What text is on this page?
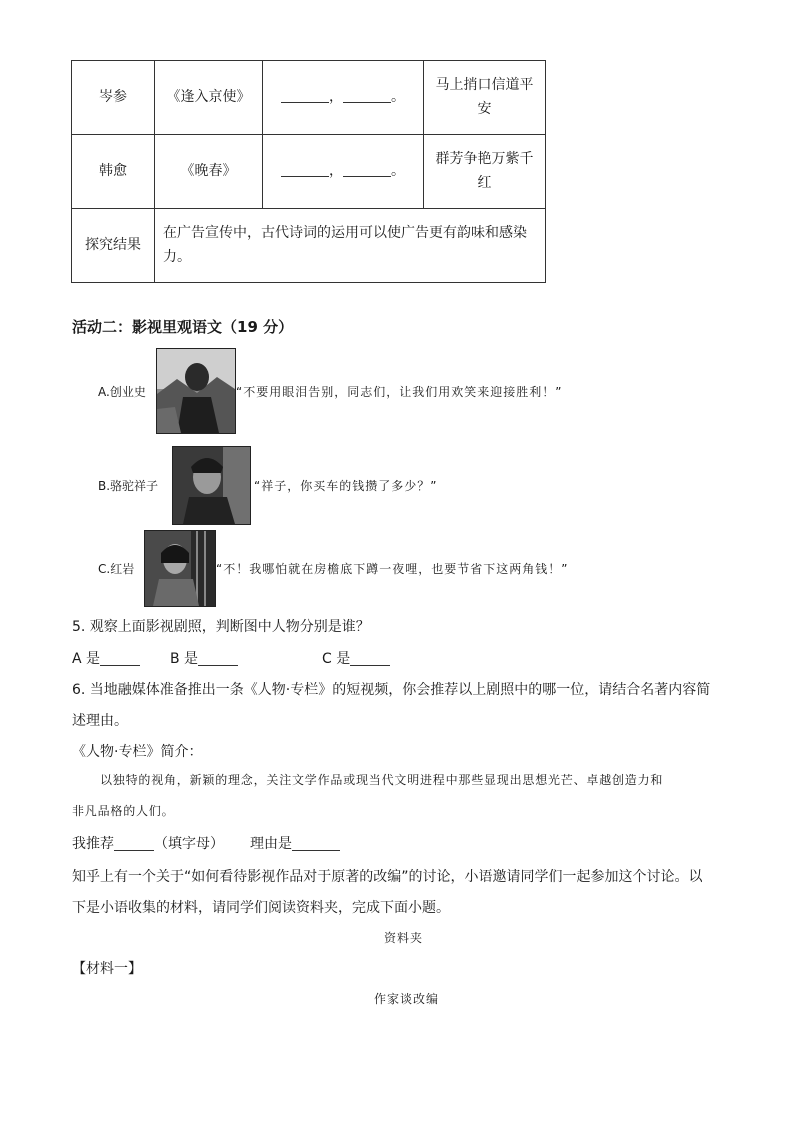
岑参	《逢入京使》	， 。	马上捎口信道平安
韩愈	《晚春》	， 。	群芳争艳万紫千红
探究结果	在广告宣传中，古代诗词的运用可以使广告更有韵味和感染力。		
活动二：影视里观语文（19 分）
A.创业史	“不要用眼泪告别，同志们，让我们用欢笑来迎接胜利！”
B.骆驼祥子	“祥子，你买车的钱攒了多少？”
C.红岩	“不！我哪怕就在房檐底下蹲一夜哩，也要节省下这两角钱！”
5. 观察上面影视剧照，判断图中人物分别是谁？
A 是	B 是	C 是
6. 当地融媒体准备推出一条《人物·专栏》的短视频，你会推荐以上剧照中的哪一位，请结合名著内容简
述理由。
《人物·专栏》简介：
以独特的视角，新颖的理念，关注文学作品或现当代文明进程中那些显现出思想光芒、卓越创造力和
非凡品格的人们。
我推荐	（填字母） 理由是
知乎上有一个关于“如何看待影视作品对于原著的改编”的讨论，小语邀请同学们一起参加这个讨论。以
下是小语收集的材料，请同学们阅读资料夹，完成下面小题。
资料夹
【材料一】
作家谈改编
